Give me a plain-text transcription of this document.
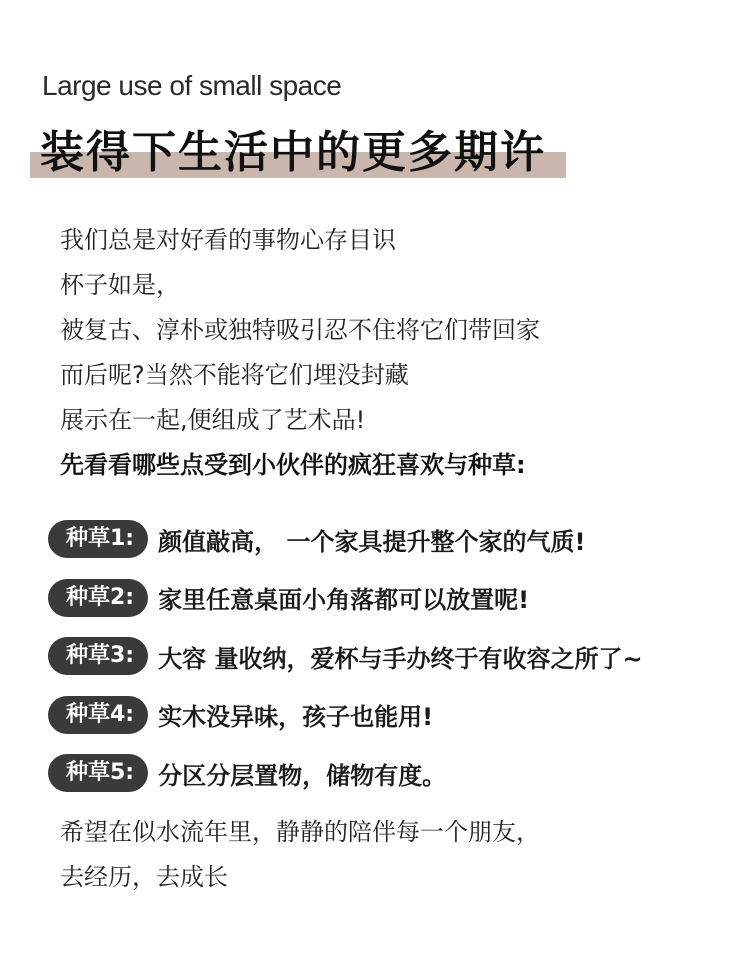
Large use of small space
装得下生活中的更多期许
我们总是对好看的事物心存目识
杯子如是，
被复古、淳朴或独特吸引忍不住将它们带回家
而后呢?当然不能将它们埋没封藏
展示在一起,便组成了艺术品!
先看看哪些点受到小伙伴的疯狂喜欢与种草:
种草1:	颜值敲高， 一个家具提升整个家的气质!
种草2:	家里任意桌面小角落都可以放置呢!
种草3:	大容 量收纳，爱杯与手办终于有收容之所了~
种草4:	实木没异味，孩子也能用!
种草5:	分区分层置物，储物有度。
希望在似水流年里，静静的陪伴每一个朋友，
去经历，去成长
